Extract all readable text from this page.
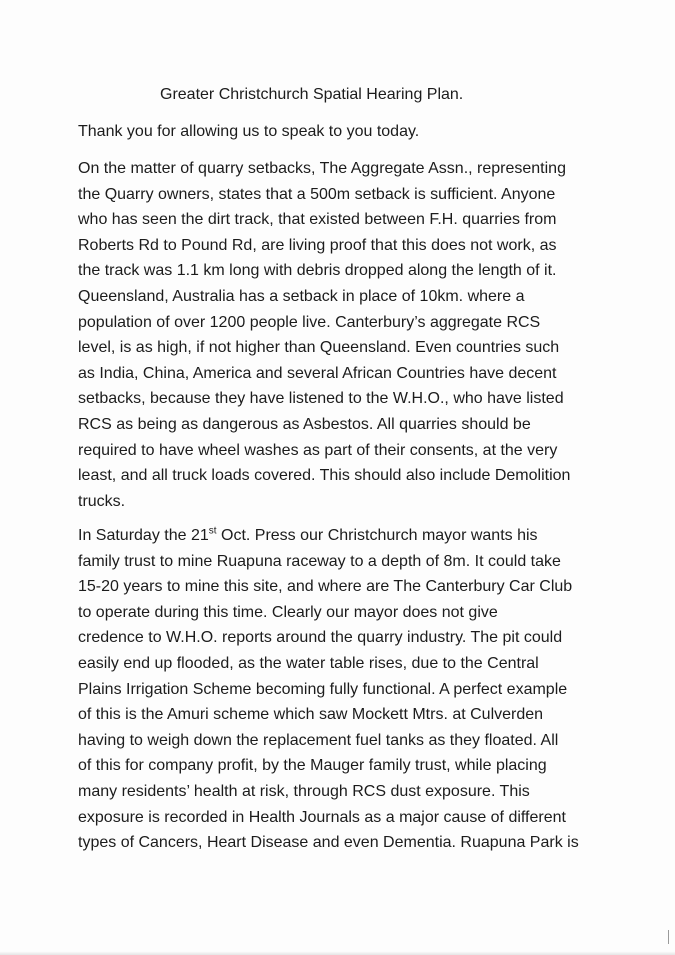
Greater Christchurch Spatial Hearing Plan.
Thank you for allowing us to speak to you today.
On the matter of quarry setbacks, The Aggregate Assn., representing
the Quarry owners, states that a 500m setback is sufficient. Anyone
who has seen the dirt track, that existed between F.H. quarries from
Roberts Rd to Pound Rd, are living proof that this does not work, as
the track was 1.1 km long with debris dropped along the length of it.
Queensland, Australia has a setback in place of 10km. where a
population of over 1200 people live. Canterbury’s aggregate RCS
level, is as high, if not higher than Queensland. Even countries such
as India, China, America and several African Countries have decent
setbacks, because they have listened to the W.H.O., who have listed
RCS as being as dangerous as Asbestos. All quarries should be
required to have wheel washes as part of their consents, at the very
least, and all truck loads covered. This should also include Demolition
trucks.
In Saturday the 21st Oct. Press our Christchurch mayor wants his
family trust to mine Ruapuna raceway to a depth of 8m. It could take
15-20 years to mine this site, and where are The Canterbury Car Club
to operate during this time. Clearly our mayor does not give
credence to W.H.O. reports around the quarry industry. The pit could
easily end up flooded, as the water table rises, due to the Central
Plains Irrigation Scheme becoming fully functional. A perfect example
of this is the Amuri scheme which saw Mockett Mtrs. at Culverden
having to weigh down the replacement fuel tanks as they floated. All
of this for company profit, by the Mauger family trust, while placing
many residents’ health at risk, through RCS dust exposure. This
exposure is recorded in Health Journals as a major cause of different
types of Cancers, Heart Disease and even Dementia. Ruapuna Park is
